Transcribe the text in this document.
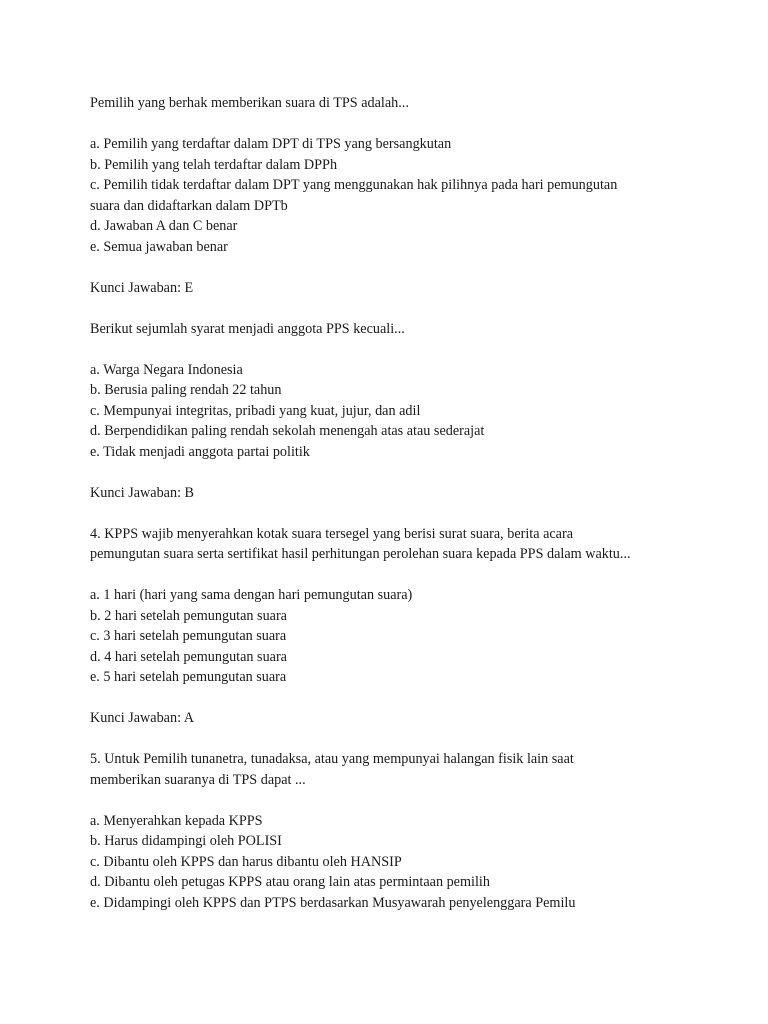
Pemilih yang berhak memberikan suara di TPS adalah...

a. Pemilih yang terdaftar dalam DPT di TPS yang bersangkutan

b. Pemilih yang telah terdaftar dalam DPPh

c. Pemilih tidak terdaftar dalam DPT yang menggunakan hak pilihnya pada hari pemungutan

suara dan didaftarkan dalam DPTb

d. Jawaban A dan C benar

e. Semua jawaban benar

Kunci Jawaban: E

Berikut sejumlah syarat menjadi anggota PPS kecuali...

a. Warga Negara Indonesia

b. Berusia paling rendah 22 tahun

c. Mempunyai integritas, pribadi yang kuat, jujur, dan adil

d. Berpendidikan paling rendah sekolah menengah atas atau sederajat

e. Tidak menjadi anggota partai politik

Kunci Jawaban: B

4. KPPS wajib menyerahkan kotak suara tersegel yang berisi surat suara, berita acara

pemungutan suara serta sertifikat hasil perhitungan perolehan suara kepada PPS dalam waktu...

a. 1 hari (hari yang sama dengan hari pemungutan suara)

b. 2 hari setelah pemungutan suara

c. 3 hari setelah pemungutan suara

d. 4 hari setelah pemungutan suara

e. 5 hari setelah pemungutan suara

Kunci Jawaban: A

5. Untuk Pemilih tunanetra, tunadaksa, atau yang mempunyai halangan fisik lain saat

memberikan suaranya di TPS dapat ...

a. Menyerahkan kepada KPPS

b. Harus didampingi oleh POLISI

c. Dibantu oleh KPPS dan harus dibantu oleh HANSIP

d. Dibantu oleh petugas KPPS atau orang lain atas permintaan pemilih

e. Didampingi oleh KPPS dan PTPS berdasarkan Musyawarah penyelenggara Pemilu
